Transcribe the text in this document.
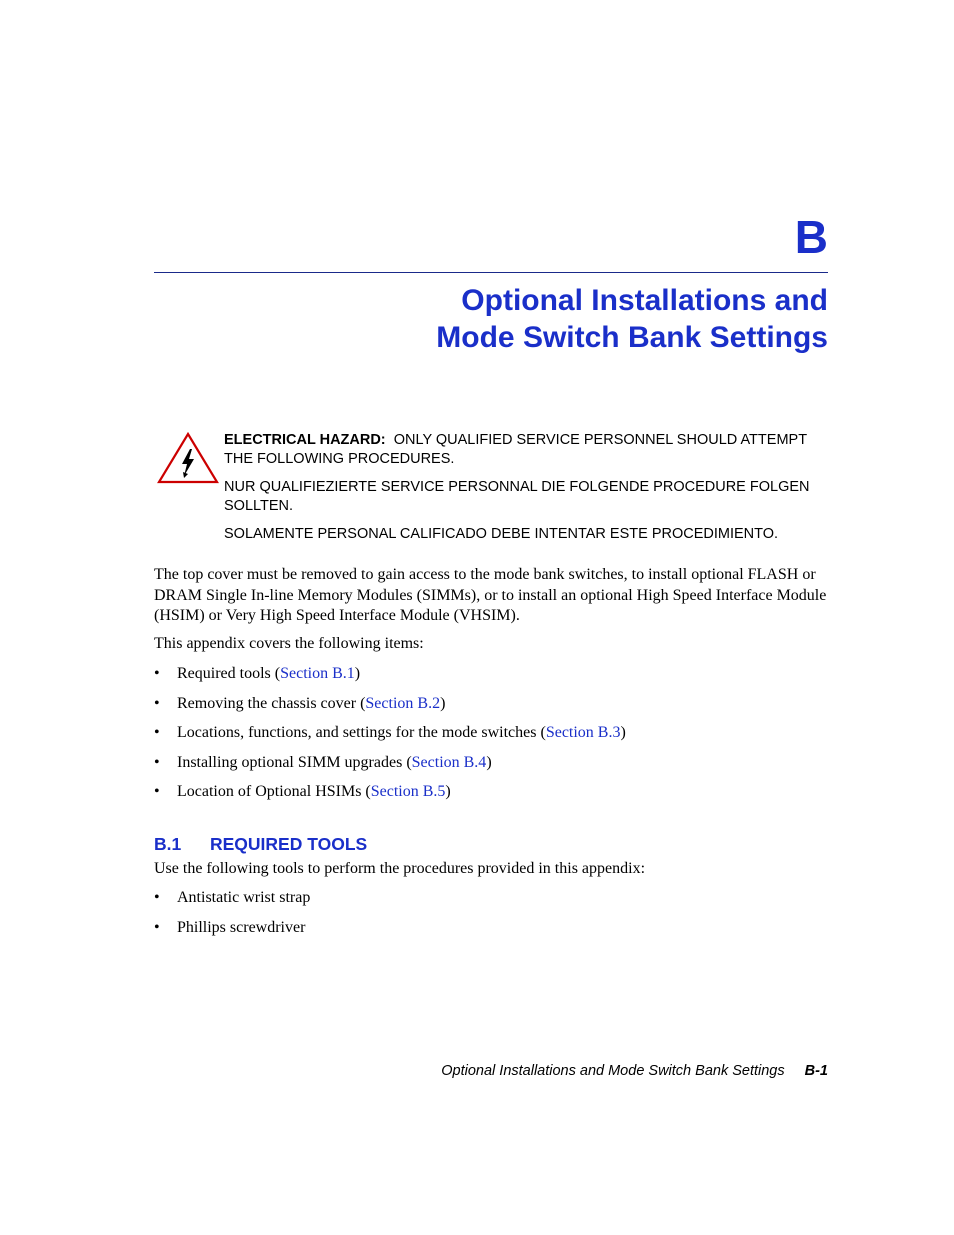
B
Optional Installations and
Mode Switch Bank Settings

ELECTRICAL HAZARD: ONLY QUALIFIED SERVICE PERSONNEL SHOULD ATTEMPT THE FOLLOWING PROCEDURES.

NUR QUALIFIEZIERTE SERVICE PERSONNAL DIE FOLGENDE PROCEDURE FOLGEN SOLLTEN.

SOLAMENTE PERSONAL CALIFICADO DEBE INTENTAR ESTE PROCEDIMIENTO.

The top cover must be removed to gain access to the mode bank switches, to install optional FLASH or DRAM Single In-line Memory Modules (SIMMs), or to install an optional High Speed Interface Module (HSIM) or Very High Speed Interface Module (VHSIM).

This appendix covers the following items:
• Required tools (Section B.1)
• Removing the chassis cover (Section B.2)
• Locations, functions, and settings for the mode switches (Section B.3)
• Installing optional SIMM upgrades (Section B.4)
• Location of Optional HSIMs (Section B.5)
B.1 REQUIRED TOOLS
Use the following tools to perform the procedures provided in this appendix:
• Antistatic wrist strap
• Phillips screwdriver
Optional Installations and Mode Switch Bank Settings B-1
